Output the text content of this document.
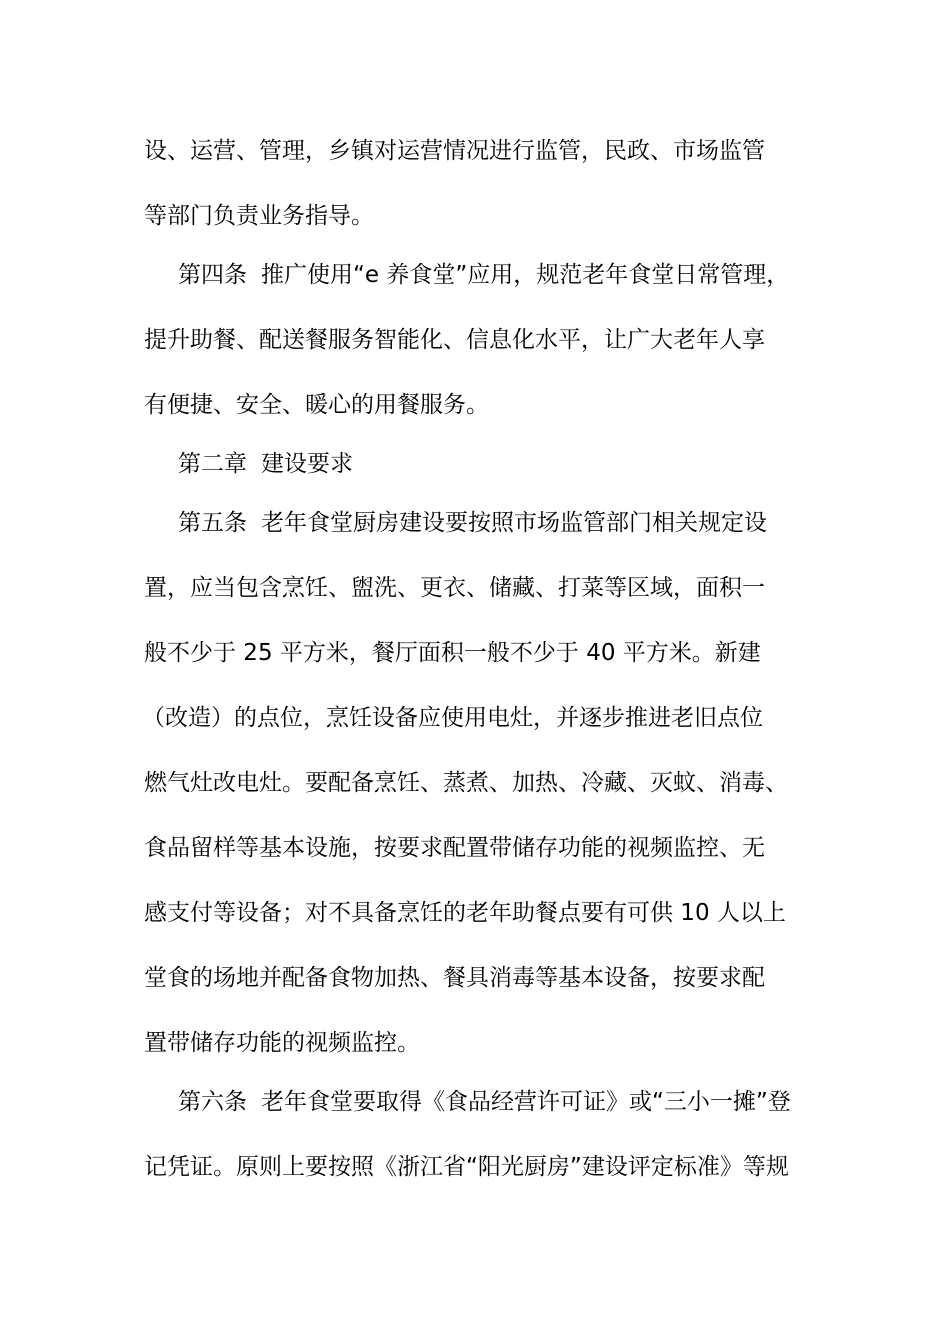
设、运营、管理，乡镇对运营情况进行监管，民政、市场监管
等部门负责业务指导。
第四条 推广使用“e 养食堂”应用，规范老年食堂日常管理，
提升助餐、配送餐服务智能化、信息化水平，让广大老年人享
有便捷、安全、暖心的用餐服务。
第二章 建设要求
第五条 老年食堂厨房建设要按照市场监管部门相关规定设
置，应当包含烹饪、盥洗、更衣、储藏、打菜等区域，面积一
般不少于 25 平方米，餐厅面积一般不少于 40 平方米。新建
（改造）的点位，烹饪设备应使用电灶，并逐步推进老旧点位
燃气灶改电灶。要配备烹饪、蒸煮、加热、冷藏、灭蚊、消毒、
食品留样等基本设施，按要求配置带储存功能的视频监控、无
感支付等设备；对不具备烹饪的老年助餐点要有可供 10 人以上
堂食的场地并配备食物加热、餐具消毒等基本设备，按要求配
置带储存功能的视频监控。
第六条 老年食堂要取得《食品经营许可证》或“三小一摊”登
记凭证。原则上要按照《浙江省“阳光厨房”建设评定标准》等规
